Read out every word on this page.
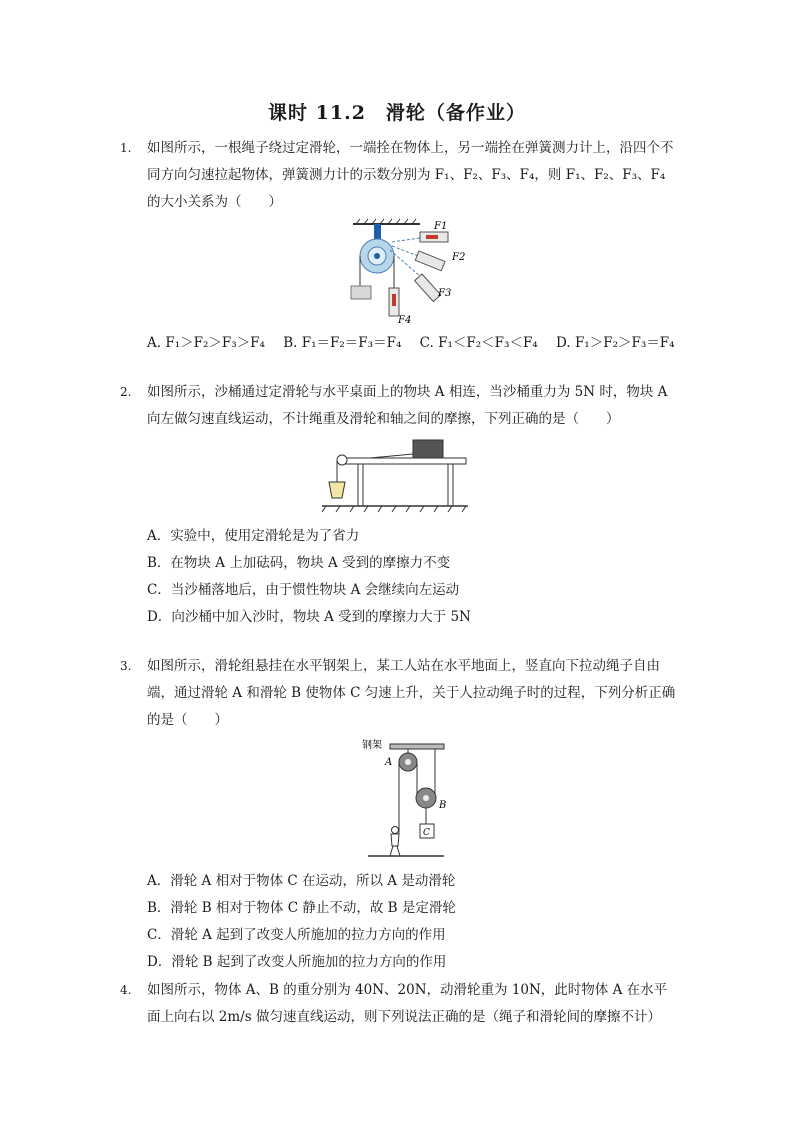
课时 11.2　滑轮（备作业）
1.	如图所示，一根绳子绕过定滑轮，一端拴在物体上，另一端拴在弹簧测力计上，沿四个不同方向匀速拉起物体，弹簧测力计的示数分别为 F₁、F₂、F₃、F₄，则 F₁、F₂、F₃、F₄ 的大小关系为（　　）
F1
F2
F3
F4
A. F₁＞F₂＞F₃＞F₄ B. F₁＝F₂＝F₃＝F₄ C. F₁＜F₂＜F₃＜F₄ D. F₁＞F₂＞F₃＝F₄
2.	如图所示，沙桶通过定滑轮与水平桌面上的物块 A 相连，当沙桶重力为 5N 时，物块 A 向左做匀速直线运动，不计绳重及滑轮和轴之间的摩擦，下列正确的是（　　）
A．实验中，使用定滑轮是为了省力
B．在物块 A 上加砝码，物块 A 受到的摩擦力不变
C．当沙桶落地后，由于惯性物块 A 会继续向左运动
D．向沙桶中加入沙时，物块 A 受到的摩擦力大于 5N
3.	如图所示，滑轮组悬挂在水平钢架上，某工人站在水平地面上，竖直向下拉动绳子自由端，通过滑轮 A 和滑轮 B 使物体 C 匀速上升，关于人拉动绳子时的过程，下列分析正确的是（　　）
钢架
A
B
C
A．滑轮 A 相对于物体 C 在运动，所以 A 是动滑轮
B．滑轮 B 相对于物体 C 静止不动，故 B 是定滑轮
C．滑轮 A 起到了改变人所施加的拉力方向的作用
D．滑轮 B 起到了改变人所施加的拉力方向的作用
4.	如图所示，物体 A、B 的重分别为 40N、20N，动滑轮重为 10N，此时物体 A 在水平面上向右以 2m/s 做匀速直线运动，则下列说法正确的是（绳子和滑轮间的摩擦不计）
